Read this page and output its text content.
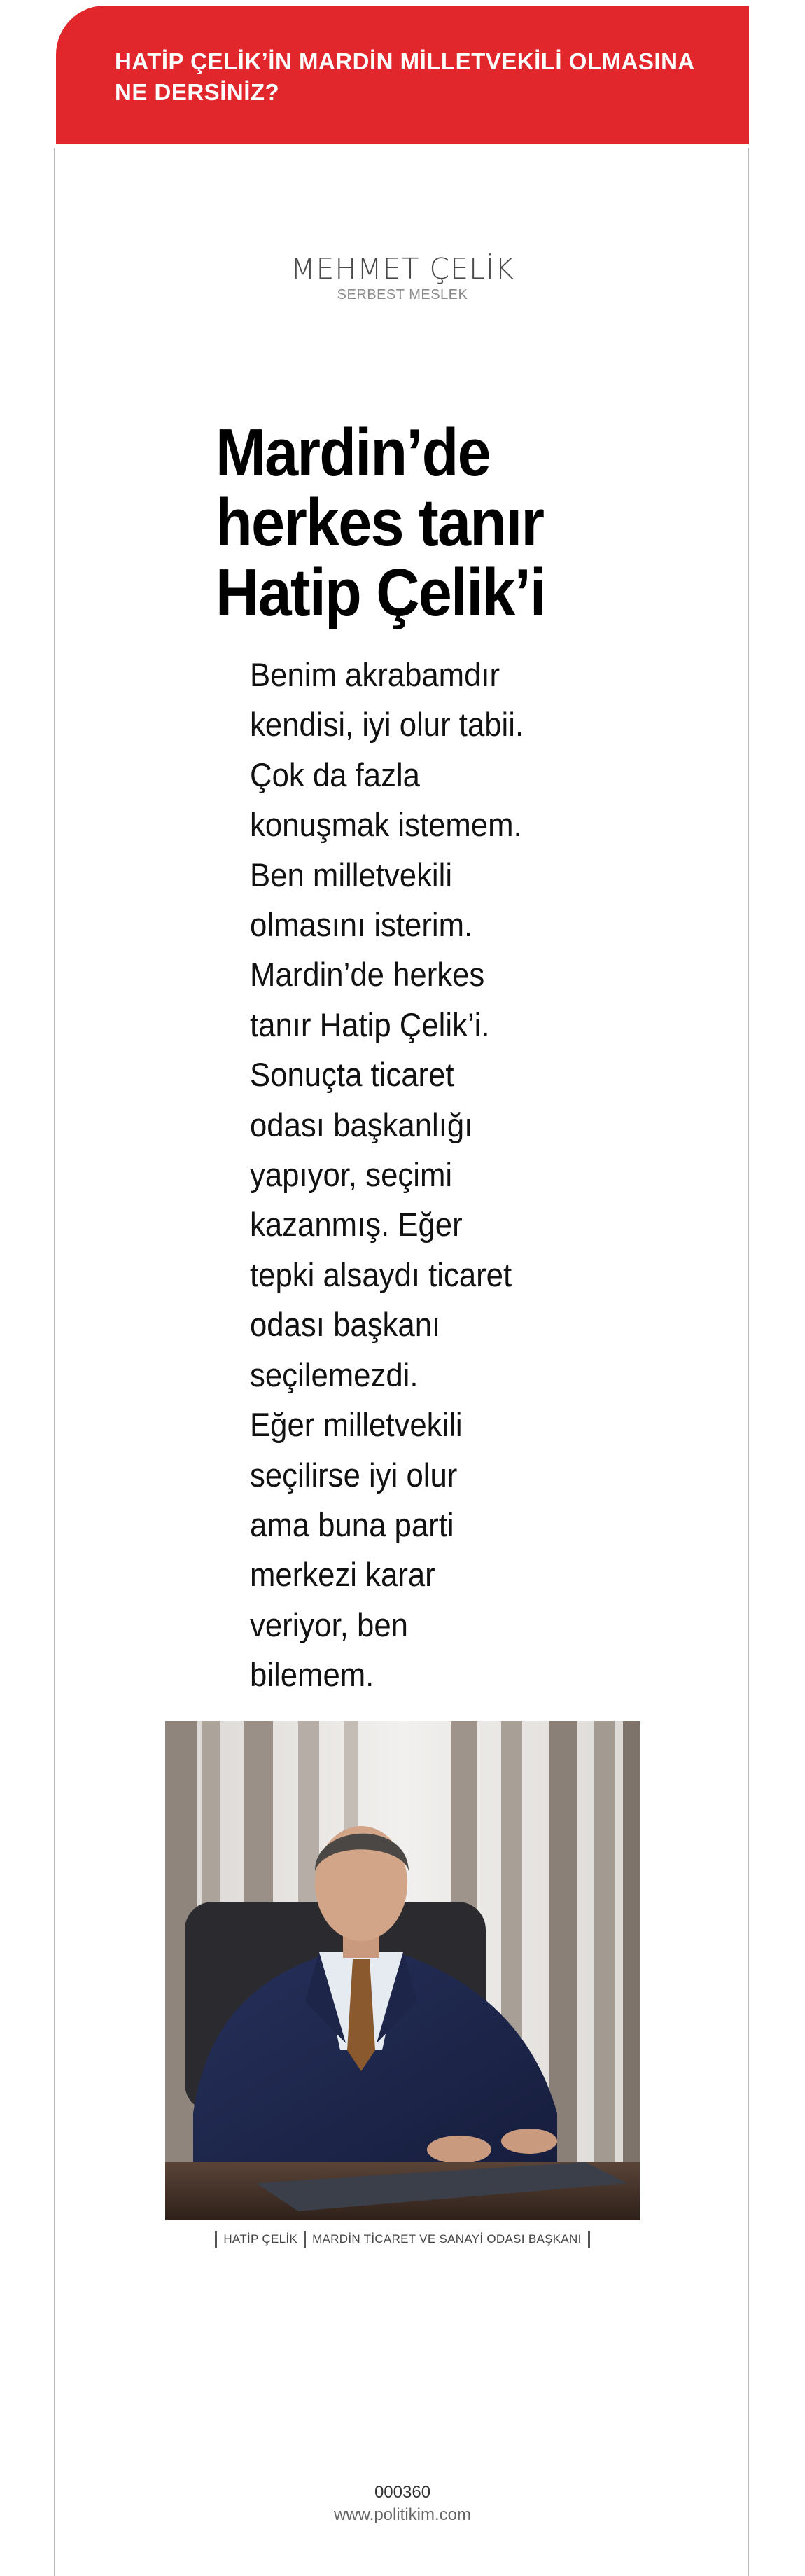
HATİP ÇELİK’İN MARDİN MİLLETVEKİLİ OLMASINA
NE DERSİNİZ?
MEHMET ÇELİK
SERBEST MESLEK
Mardin’de
herkes tanır
Hatip Çelik’i
Benim akrabamdır
kendisi, iyi olur tabii.
Çok da fazla
konuşmak istemem.
Ben milletvekili
olmasını isterim.
Mardin’de herkes
tanır Hatip Çelik’i.
Sonuçta ticaret
odası başkanlığı
yapıyor, seçimi
kazanmış. Eğer
tepki alsaydı ticaret
odası başkanı
seçilemezdi.
Eğer milletvekili
seçilirse iyi olur
ama buna parti
merkezi karar
veriyor, ben
bilemem.
HATİP ÇELİK MARDİN TİCARET VE SANAYİ ODASI BAŞKANI
000360
www.politikim.com
